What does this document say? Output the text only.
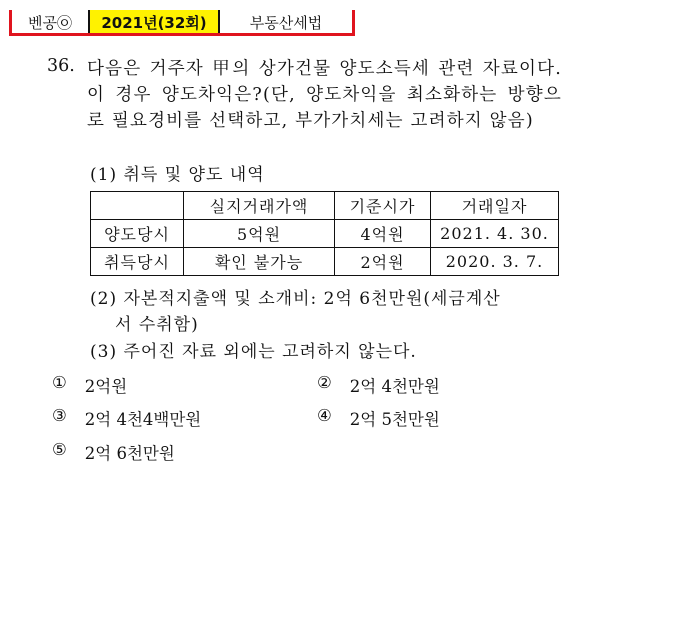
벤공㉧	2021년(32회)	부동산세법
36. 다음은 거주자 甲의 상가건물 양도소득세 관련 자료이다. 이 경우 양도차익은?(단, 양도차익을 최소화하는 방향으로 필요경비를 선택하고, 부가가치세는 고려하지 않음)
(1) 취득 및 양도 내역
	실지거래가액	기준시가	거래일자
양도당시	5억원	4억원	2021. 4. 30.
취득당시	확인 불가능	2억원	2020. 3. 7.
(2) 자본적지출액 및 소개비: 2억 6천만원(세금계산
서 수취함)
(3) 주어진 자료 외에는 고려하지 않는다.
① 2억원	② 2억 4천만원
③ 2억 4천4백만원	④ 2억 5천만원
⑤ 2억 6천만원
